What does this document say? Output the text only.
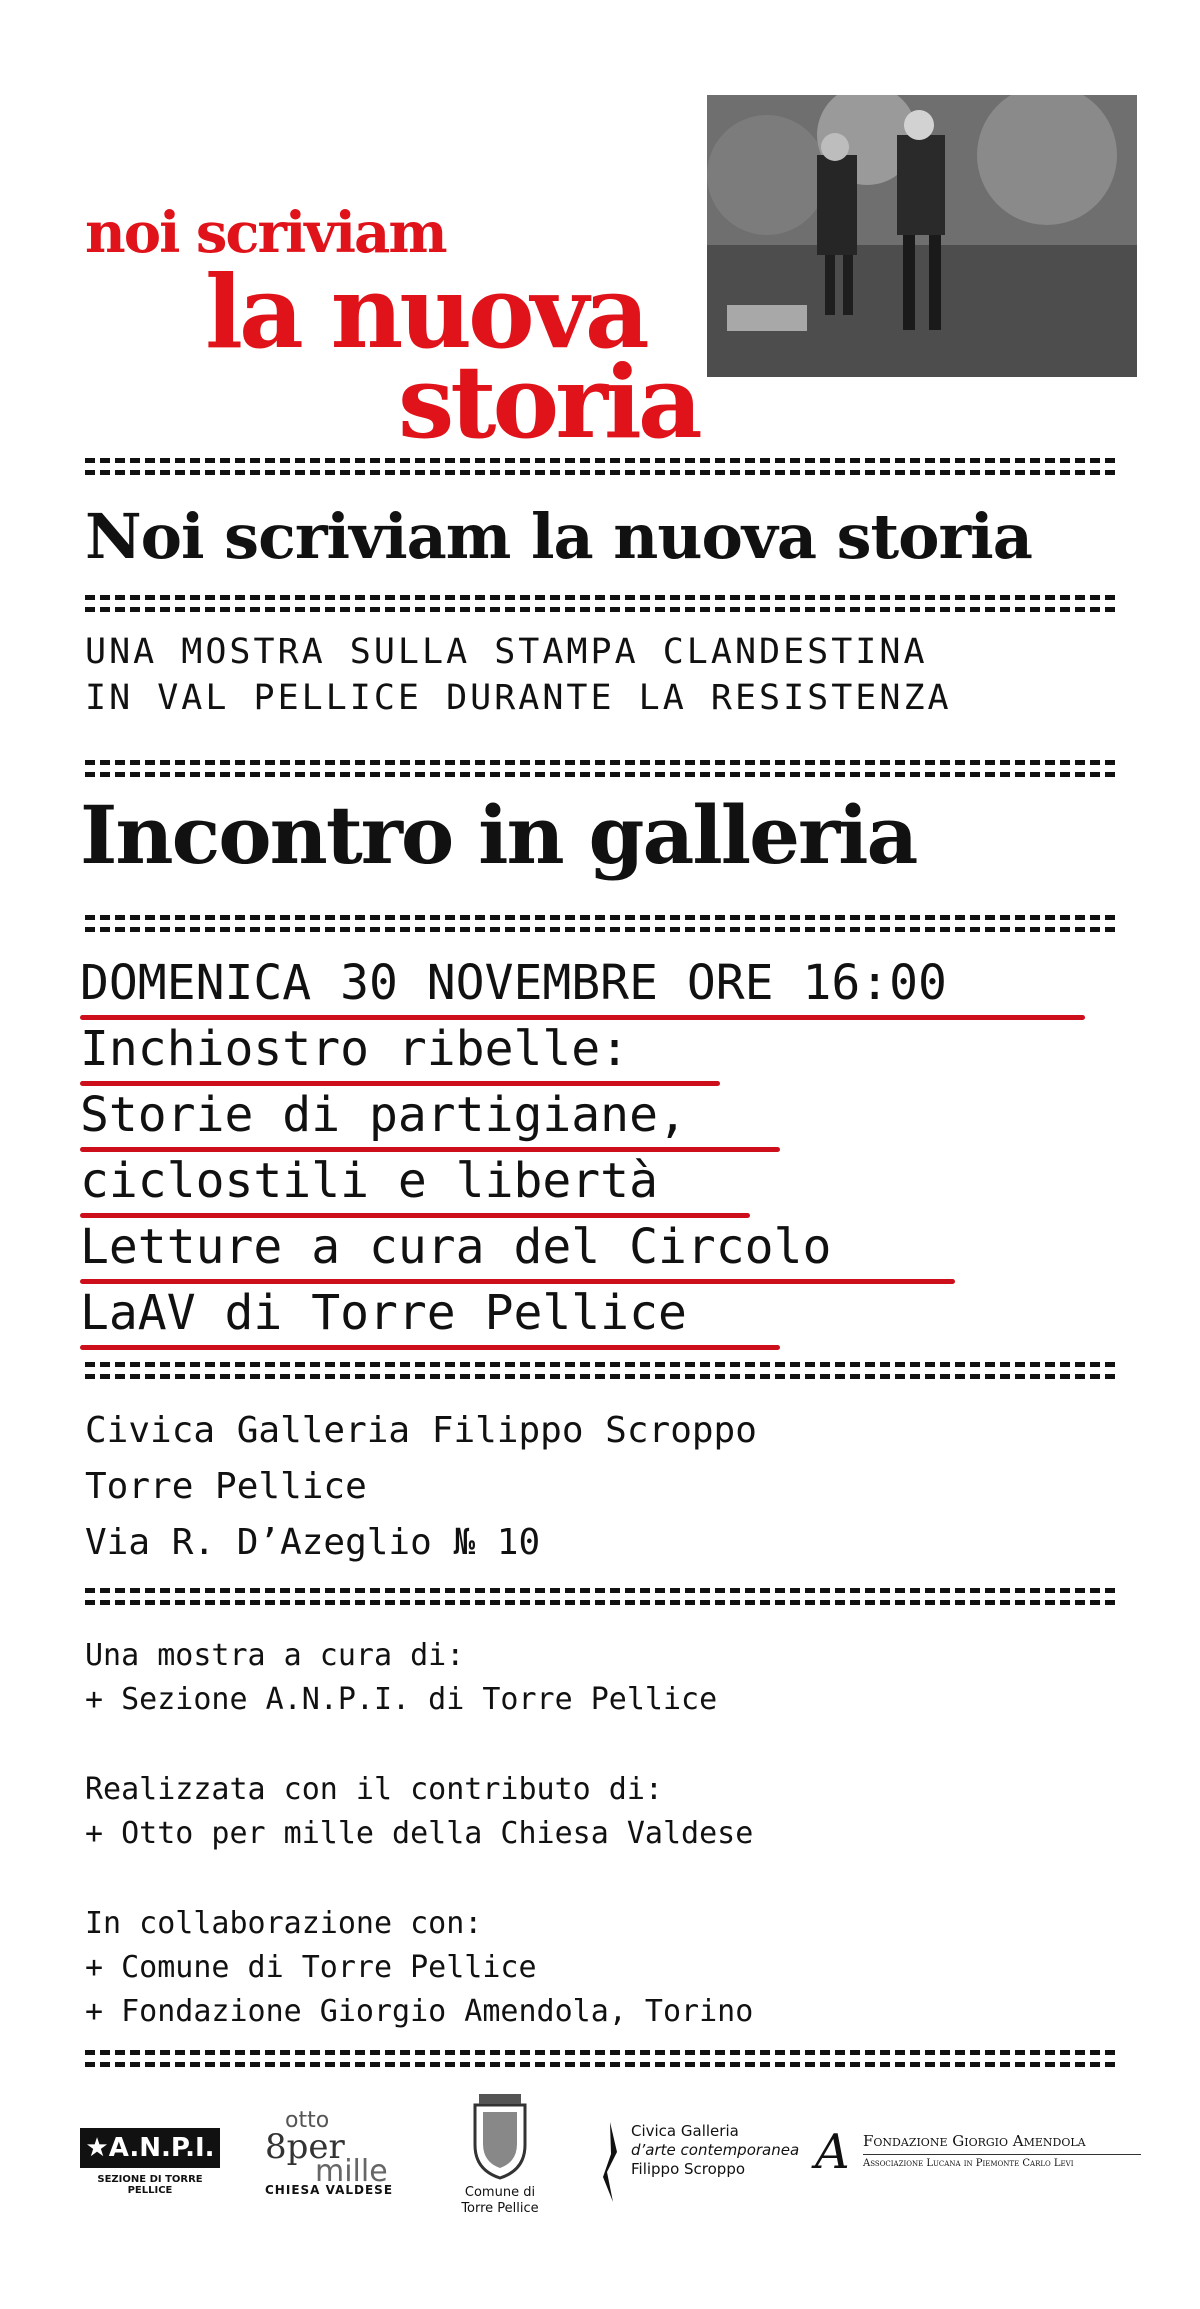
noi scriviam
la nuova
storia
Noi scriviam la nuova storia
UNA MOSTRA SULLA STAMPA CLANDESTINA
IN VAL PELLICE DURANTE LA RESISTENZA
Incontro in galleria
DOMENICA 30 NOVEMBRE ORE 16:00
Inchiostro ribelle:
Storie di partigiane,
ciclostili e libertà
Letture a cura del Circolo
LaAV di Torre Pellice
Civica Galleria Filippo Scroppo
Torre Pellice
Via R. D’Azeglio № 10
Una mostra a cura di:
+ Sezione A.N.P.I. di Torre Pellice
Realizzata con il contributo di:
+ Otto per mille della Chiesa Valdese
In collaborazione con:
+ Comune di Torre Pellice
+ Fondazione Giorgio Amendola, Torino
★A.N.P.I.
SEZIONE DI TORRE PELLICE
otto
8per
mille
CHIESA VALDESE	Comune di
Torre Pellice
Civica Galleria
d’arte contemporanea
Filippo Scroppo	A Fondazione Giorgio Amendola
Associazione Lucana in Piemonte Carlo Levi
